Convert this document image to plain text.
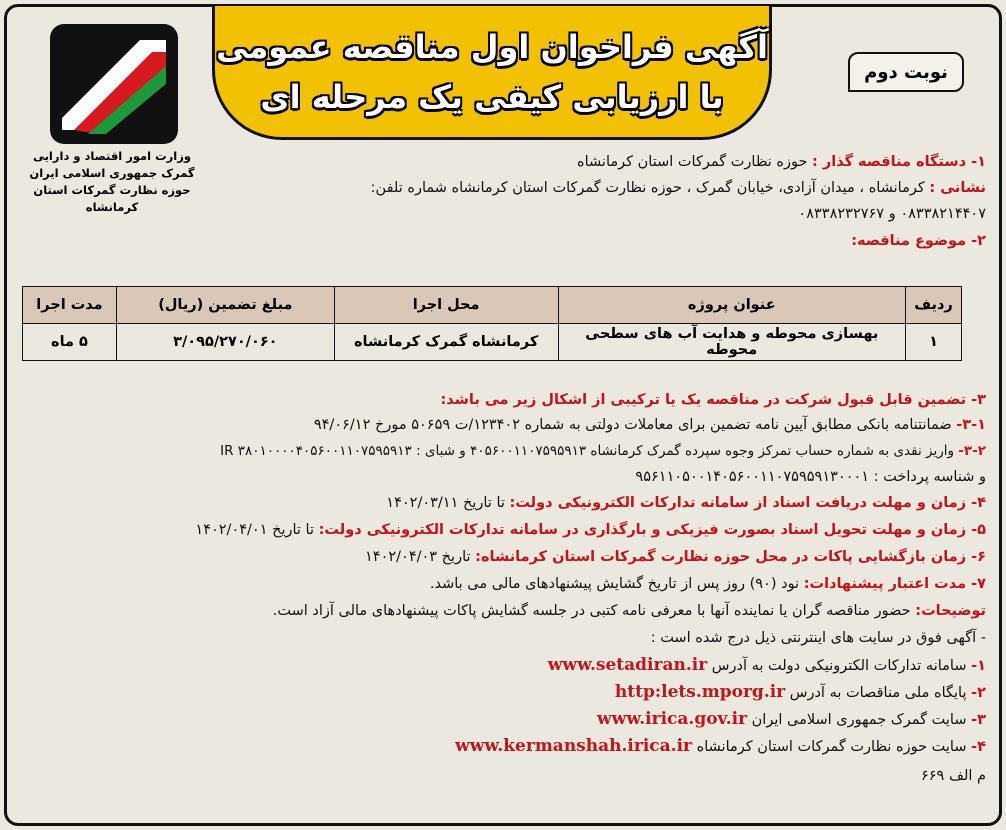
وزارت امور اقتصاد و دارایی
گمرک جمهوری اسلامی ایران
حوزه نظارت گمرکات استان کرمانشاه
آگهی فراخوان اول مناقصه عمومی
با ارزیابی کیفی یک مرحله ای
نوبت دوم
۱- دستگاه مناقصه گذار : حوزه نظارت گمرکات استان کرمانشاه
نشانی : کرمانشاه ، میدان آزادی، خیابان گمرک ، حوزه نظارت گمرکات استان کرمانشاه شماره تلفن:
۰۸۳۳۸۲۱۴۴۰۷ و ۰۸۳۳۸۲۳۲۷۶۷
۲- موضوع مناقصه:
ردیف	عنوان پروژه	محل اجرا	مبلغ تضمین (ریال)	مدت اجرا
۱	بهسازی محوطه و هدایت آب های سطحی محوطه	کرمانشاه گمرک کرمانشاه	۳/۰۹۵/۲۷۰/۰۶۰	۵ ماه
۳- تضمین قابل قبول شرکت در مناقصه یک یا ترکیبی از اشکال زیر می باشد:
۳-۱- ضمانتنامه بانکی مطابق آیین نامه تضمین برای معاملات دولتی به شماره ۱۲۳۴۰۲/ت ۵۰۶۵۹ مورخ ۹۴/۰۶/۱۲
۳-۲- واریز نقدی به شماره حساب تمرکز وجوه سپرده گمرک کرمانشاه ۴۰۵۶۰۰۱۱۰۷۵۹۵۹۱۳ و شبای : ۳۸۰۱۰۰۰۰۴۰۵۶۰۰۱۱۰۷۵۹۵۹۱۳ IR
و شناسه پرداخت : ۹۵۶۱۱۰۵۰۰۱۴۰۵۶۰۰۱۱۰۷۵۹۵۹۱۳۰۰۰۱
۴- زمان و مهلت دریافت اسناد از سامانه تدارکات الکترونیکی دولت: تا تاریخ ۱۴۰۲/۰۳/۱۱
۵- زمان و مهلت تحویل اسناد بصورت فیزیکی و بارگذاری در سامانه تدارکات الکترونیکی دولت: تا تاریخ ۱۴۰۲/۰۴/۰۱
۶- زمان بازگشایی پاکات در محل حوزه نظارت گمرکات استان کرمانشاه: تاریخ ۱۴۰۲/۰۴/۰۳
۷- مدت اعتبار پیشنهادات: نود (۹۰) روز پس از تاریخ گشایش پیشنهادهای مالی می باشد.
توضیحات: حضور مناقصه گران یا نماینده آنها با معرفی نامه کتبی در جلسه گشایش پاکات پیشنهادهای مالی آزاد است.
- آگهی فوق در سایت های اینترنتی ذیل درج شده است :
۱- سامانه تدارکات الکترونیکی دولت به آدرس www.setadiran.ir
۲- پایگاه ملی مناقصات به آدرس http:lets.mporg.ir
۳- سایت گمرک جمهوری اسلامی ایران www.irica.gov.ir
۴- سایت حوزه نظارت گمرکات استان کرمانشاه www.kermanshah.irica.ir
م الف ۶۶۹
